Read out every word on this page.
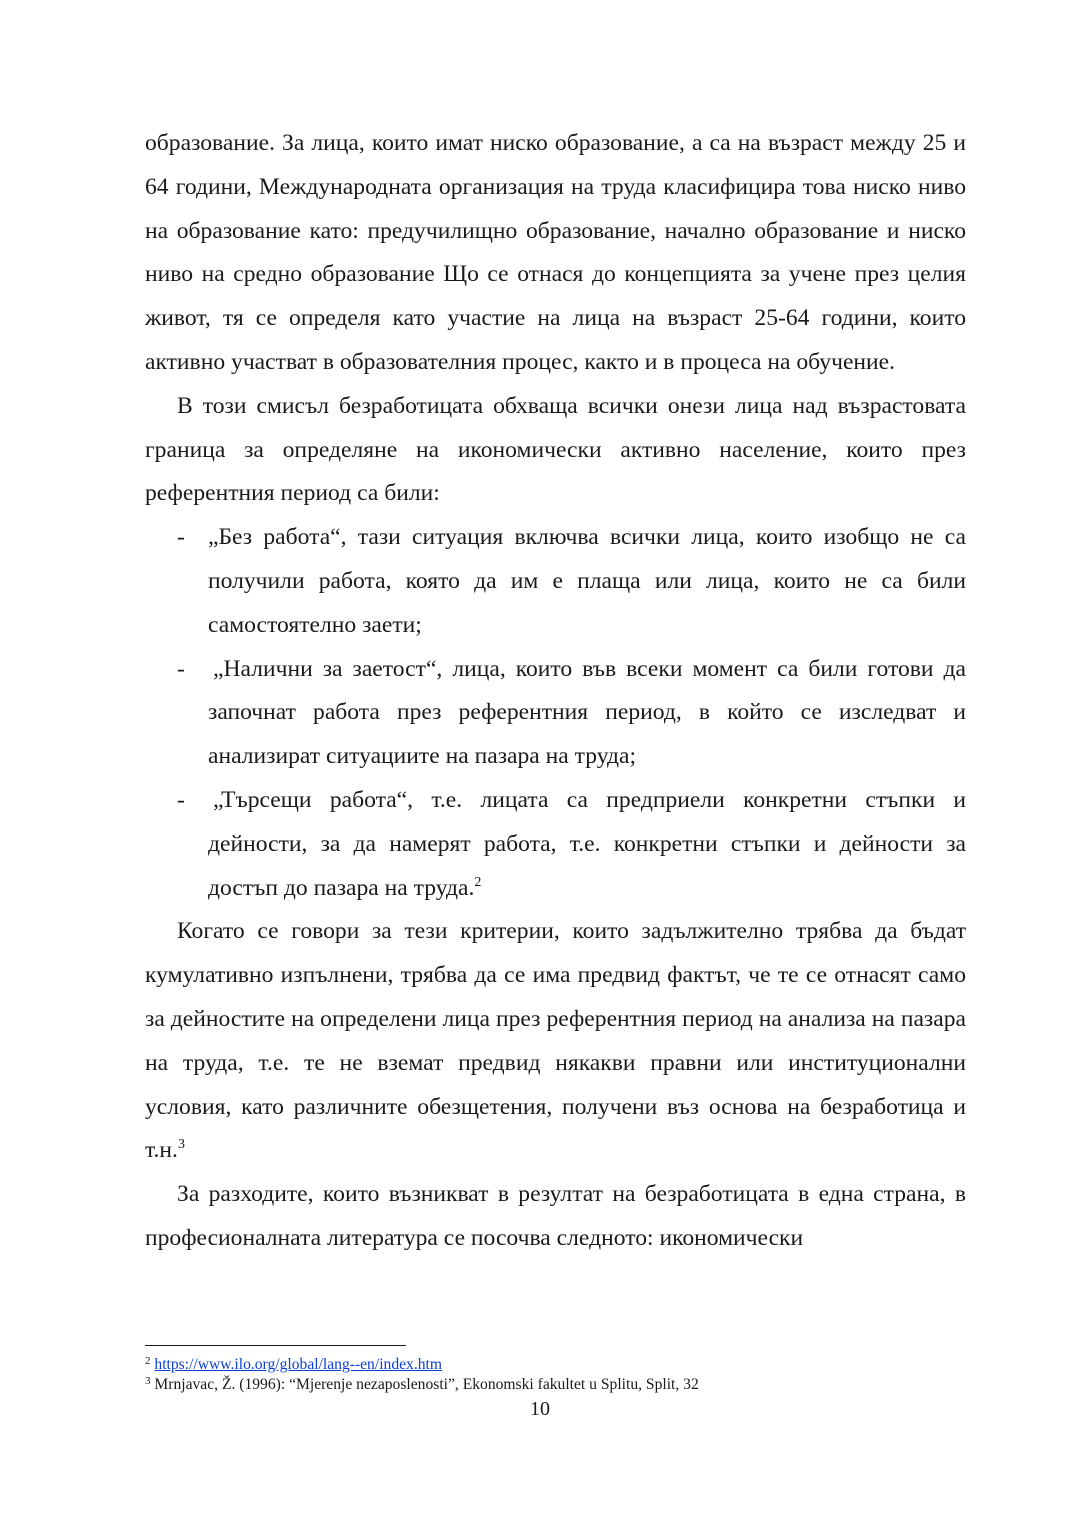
образование. За лица, които имат ниско образование, а са на възраст между 25 и 64 години, Международната организация на труда класифицира това ниско ниво на образование като: предучилищно образование, начално образование и ниско ниво на средно образование Що се отнася до концепцията за учене през целия живот, тя се определя като участие на лица на възраст 25-64 години, които активно участват в образователния процес, както и в процеса на обучение.

В този смисъл безработицата обхваща всички онези лица над възрастовата граница за определяне на икономически активно население, които през референтния период са били:

- „Без работа“, тази ситуация включва всички лица, които изобщо не са получили работа, която да им е плаща или лица, които не са били самостоятелно заети;
- „Налични за заетост“, лица, които във всеки момент са били готови да започнат работа през референтния период, в който се изследват и анализират ситуациите на пазара на труда;
- „Търсещи работа“, т.е. лицата са предприели конкретни стъпки и дейности, за да намерят работа, т.е. конкретни стъпки и дейности за достъп до пазара на труда.$^2$

Когато се говори за тези критерии, които задължително трябва да бъдат кумулативно изпълнени, трябва да се има предвид фактът, че те се отнасят само за дейностите на определени лица през референтния период на анализа на пазара на труда, т.е. те не вземат предвид някакви правни или институционални условия, като различните обезщетения, получени въз основа на безработица и т.н.$^3$

За разходите, които възникват в резултат на безработицата в една страна, в професионалната литература се посочва следното: икономически

$^2$ https://www.ilo.org/global/lang--en/index.htm
$^3$ Mrnjavac, Ž. (1996): “Mjerenje nezaposlenosti”, Ekonomski fakultet u Splitu, Split, 32
10
